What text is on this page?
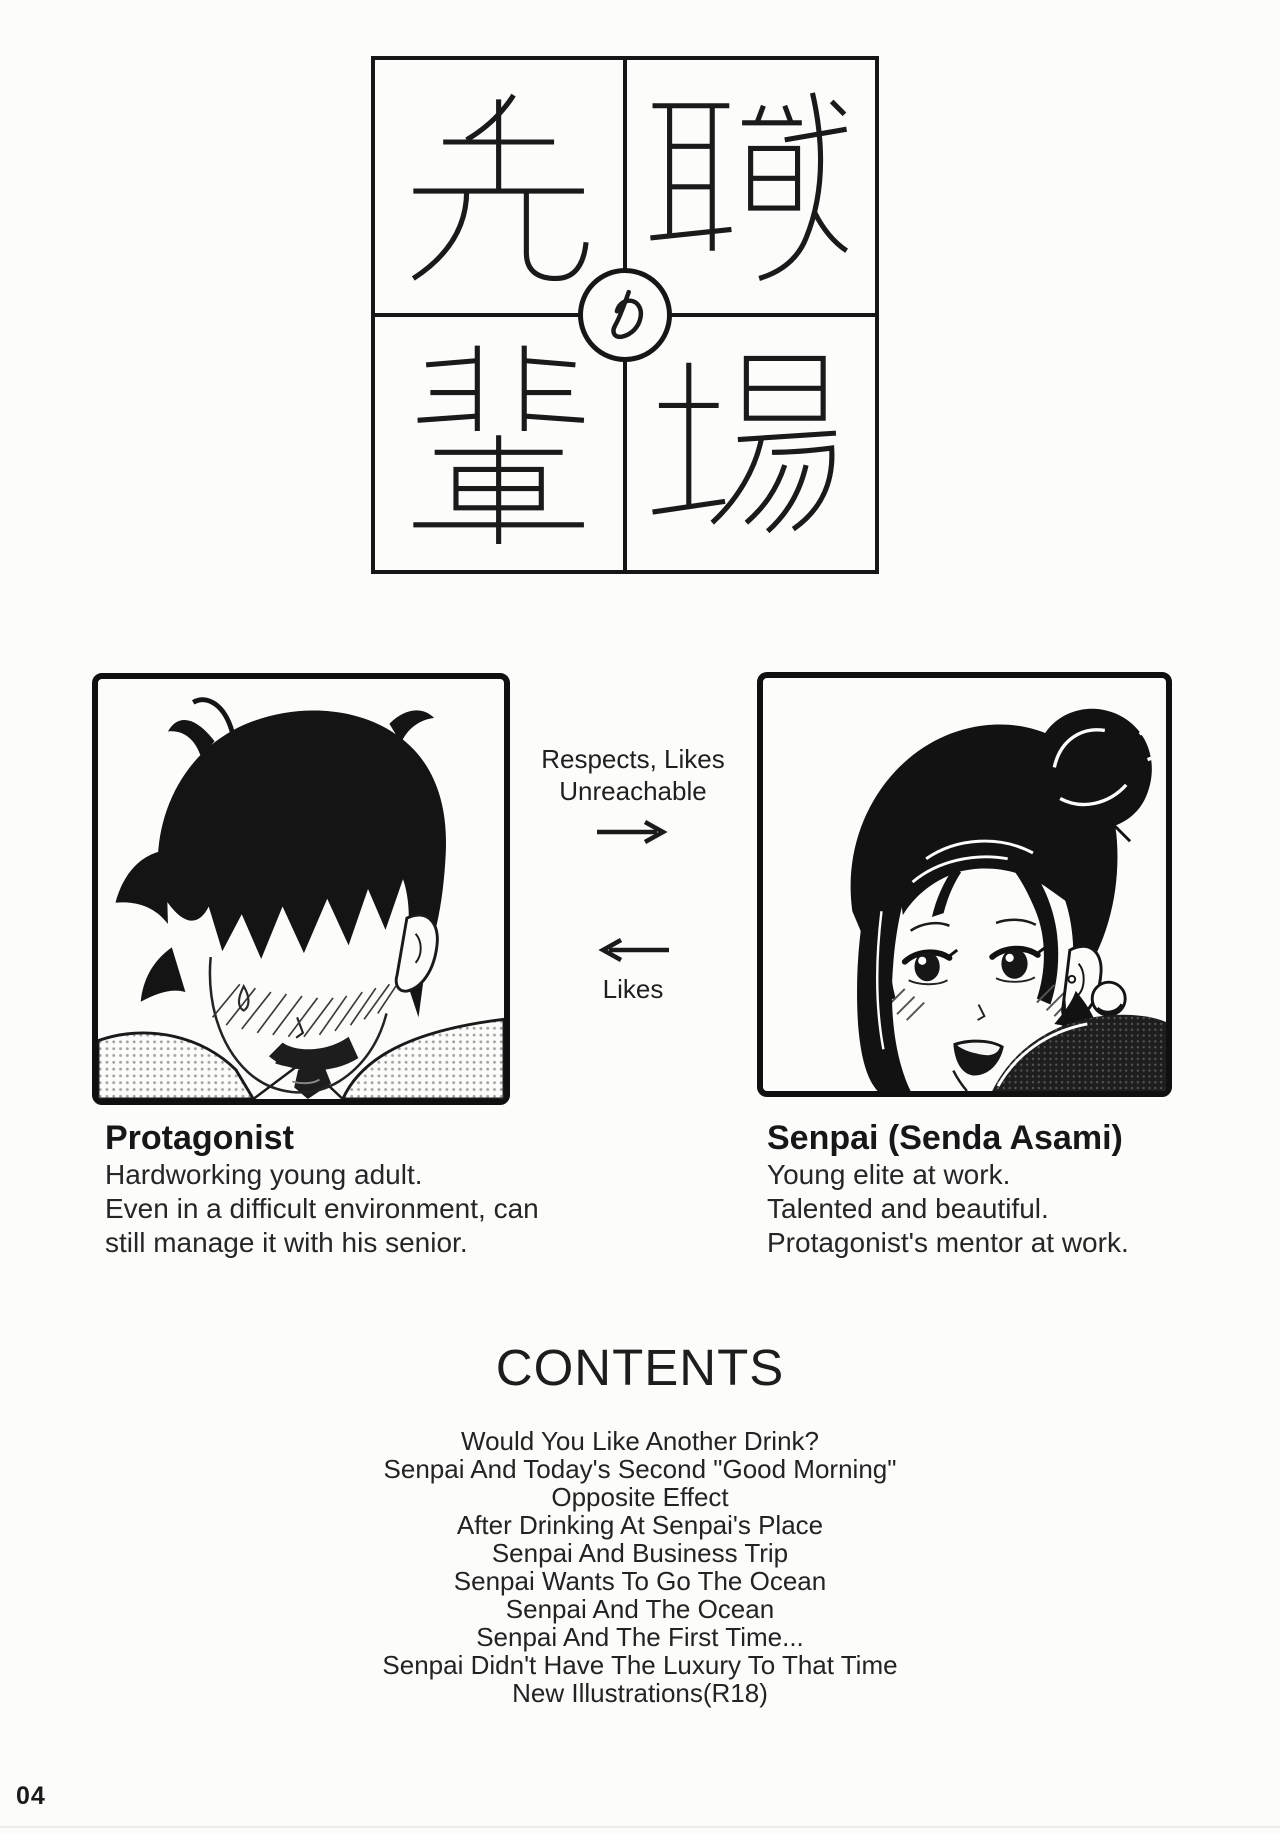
Respects, Likes
Unreachable
Likes
Protagonist
Hardworking young adult.
Even in a difficult environment, can
still manage it with his senior.
Senpai (Senda Asami)
Young elite at work.
Talented and beautiful.
Protagonist's mentor at work.
CONTENTS
Would You Like Another Drink?
Senpai And Today's Second "Good Morning"
Opposite Effect
After Drinking At Senpai's Place
Senpai And Business Trip
Senpai Wants To Go The Ocean
Senpai And The Ocean
Senpai And The First Time...
Senpai Didn't Have The Luxury To That Time
New Illustrations(R18)
04
